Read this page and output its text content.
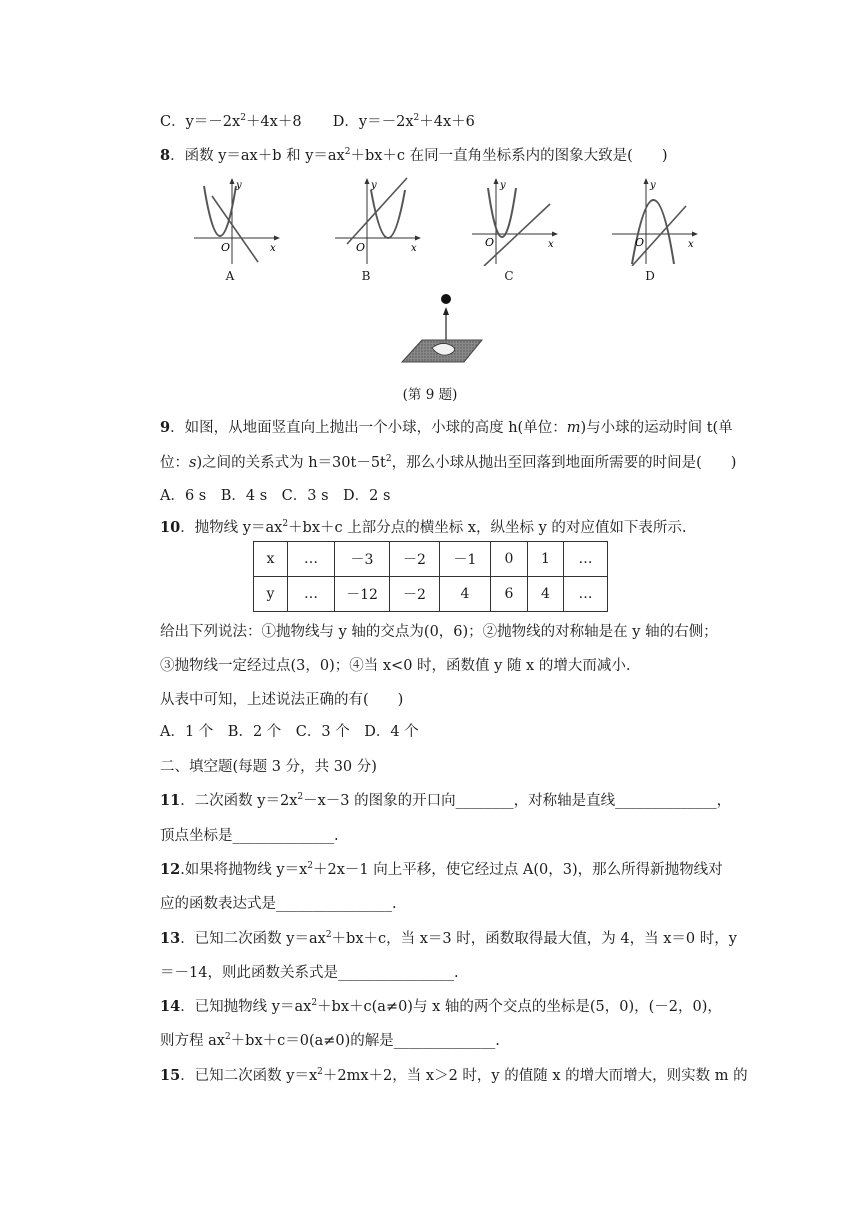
C．$y=-2x^2+4x+8$ D．$y=-2x^2+4x+6$
8．函数 y＝ax＋b 和 $y=ax^2+bx+c$ 在同一直角坐标系内的图象大致是(　　)
O
y
x
A
O
y
x
B
O
y
x
C
O
y
x
D
(第 9 题)
9．如图，从地面竖直向上抛出一个小球，小球的高度 h(单位：m)与小球的运动时间 t(单
位：s)之间的关系式为 $h=30t-5t^2$，那么小球从抛出至回落到地面所需要的时间是(　　)
A．6 s　B．4 s　C．3 s　D．2 s
10．抛物线 $y=ax^2+bx+c$ 上部分点的横坐标 x，纵坐标 y 的对应值如下表所示.
x	…	－3	－2	－1	0	1	…
y	…	－12	－2	4	6	4	…
给出下列说法：①抛物线与 y 轴的交点为(0，6)；②抛物线的对称轴是在 y 轴的右侧；
③抛物线一定经过点(3，0)；④当 x<0 时，函数值 y 随 x 的增大而减小.
从表中可知，上述说法正确的有(　　)
A．1 个　B．2 个　C．3 个　D．4 个
二、填空题(每题 3 分，共 30 分)
11．二次函数 $y=2x^2-x-3$ 的图象的开口向________，对称轴是直线______________，
顶点坐标是______________.
12.如果将抛物线 $y=x^2+2x-1$ 向上平移，使它经过点 A(0，3)，那么所得新抛物线对
应的函数表达式是________________.
13．已知二次函数 $y=ax^2+bx+c$，当 x＝3 时，函数取得最大值，为 4，当 x＝0 时，y
＝－14，则此函数关系式是________________.
14．已知抛物线 $y=ax^2+bx+c(a\ne 0)$与 x 轴的两个交点的坐标是(5，0)，(－2，0)，
则方程 $ax^2+bx+c=0(a\ne 0)$的解是______________.
15．已知二次函数 $y=x^2+2mx+2$，当 x＞2 时，y 的值随 x 的增大而增大，则实数 m 的
